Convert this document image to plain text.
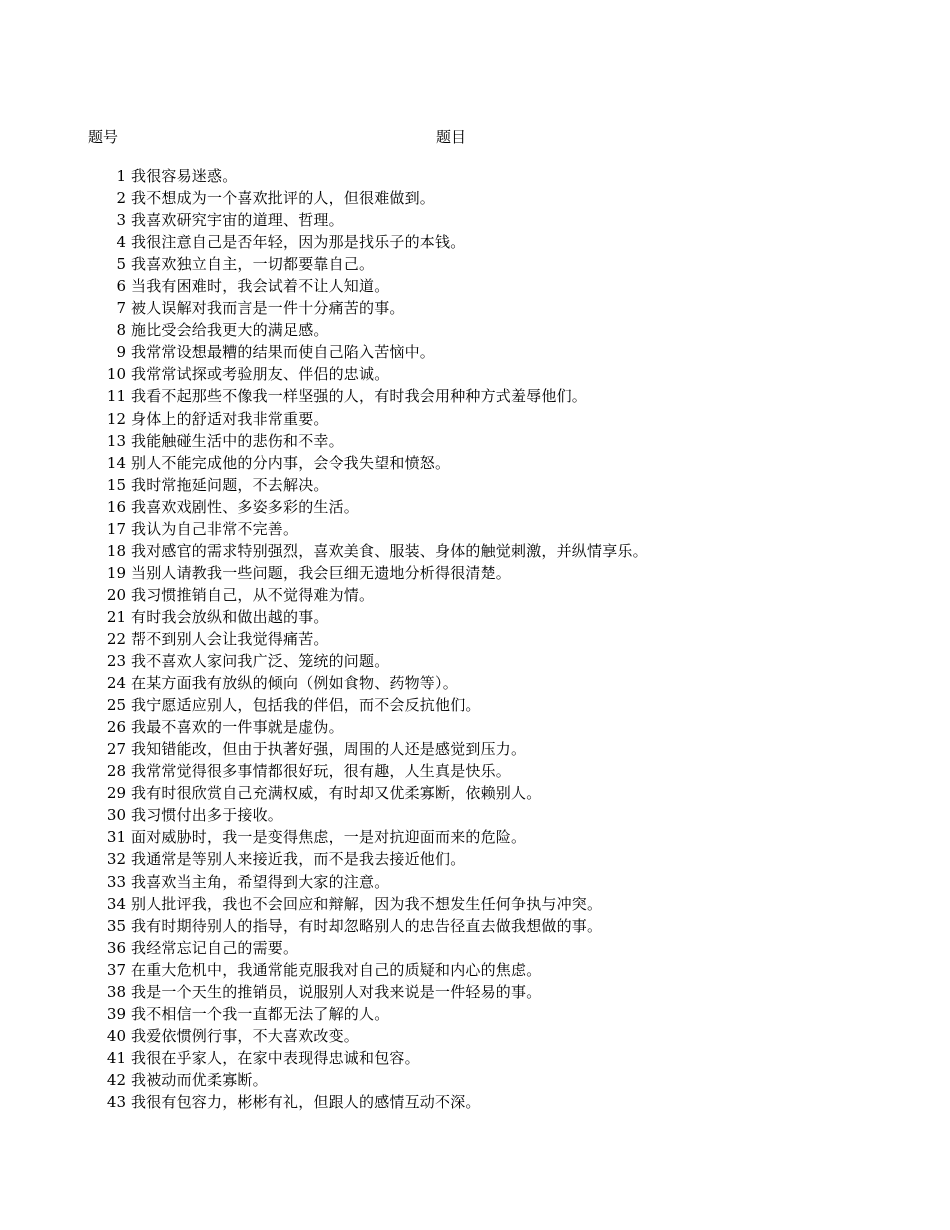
题号	题目
1 我很容易迷惑。
2 我不想成为一个喜欢批评的人，但很难做到。
3 我喜欢研究宇宙的道理、哲理。
4 我很注意自己是否年轻，因为那是找乐子的本钱。
5 我喜欢独立自主，一切都要靠自己。
6 当我有困难时，我会试着不让人知道。
7 被人误解对我而言是一件十分痛苦的事。
8 施比受会给我更大的满足感。
9 我常常设想最糟的结果而使自己陷入苦恼中。
10 我常常试探或考验朋友、伴侣的忠诚。
11 我看不起那些不像我一样坚强的人，有时我会用种种方式羞辱他们。
12 身体上的舒适对我非常重要。
13 我能触碰生活中的悲伤和不幸。
14 别人不能完成他的分内事，会令我失望和愤怒。
15 我时常拖延问题，不去解决。
16 我喜欢戏剧性、多姿多彩的生活。
17 我认为自己非常不完善。
18 我对感官的需求特别强烈，喜欢美食、服装、身体的触觉刺激，并纵情享乐。
19 当别人请教我一些问题，我会巨细无遗地分析得很清楚。
20 我习惯推销自己，从不觉得难为情。
21 有时我会放纵和做出越的事。
22 帮不到别人会让我觉得痛苦。
23 我不喜欢人家问我广泛、笼统的问题。
24 在某方面我有放纵的倾向（例如食物、药物等）。
25 我宁愿适应别人，包括我的伴侣，而不会反抗他们。
26 我最不喜欢的一件事就是虚伪。
27 我知错能改，但由于执著好强，周围的人还是感觉到压力。
28 我常常觉得很多事情都很好玩，很有趣，人生真是快乐。
29 我有时很欣赏自己充满权威，有时却又优柔寡断，依赖别人。
30 我习惯付出多于接收。
31 面对威胁时，我一是变得焦虑，一是对抗迎面而来的危险。
32 我通常是等别人来接近我，而不是我去接近他们。
33 我喜欢当主角，希望得到大家的注意。
34 别人批评我，我也不会回应和辩解，因为我不想发生任何争执与冲突。
35 我有时期待别人的指导，有时却忽略别人的忠告径直去做我想做的事。
36 我经常忘记自己的需要。
37 在重大危机中，我通常能克服我对自己的质疑和内心的焦虑。
38 我是一个天生的推销员，说服别人对我来说是一件轻易的事。
39 我不相信一个我一直都无法了解的人。
40 我爱依惯例行事，不大喜欢改变。
41 我很在乎家人，在家中表现得忠诚和包容。
42 我被动而优柔寡断。
43 我很有包容力，彬彬有礼，但跟人的感情互动不深。
